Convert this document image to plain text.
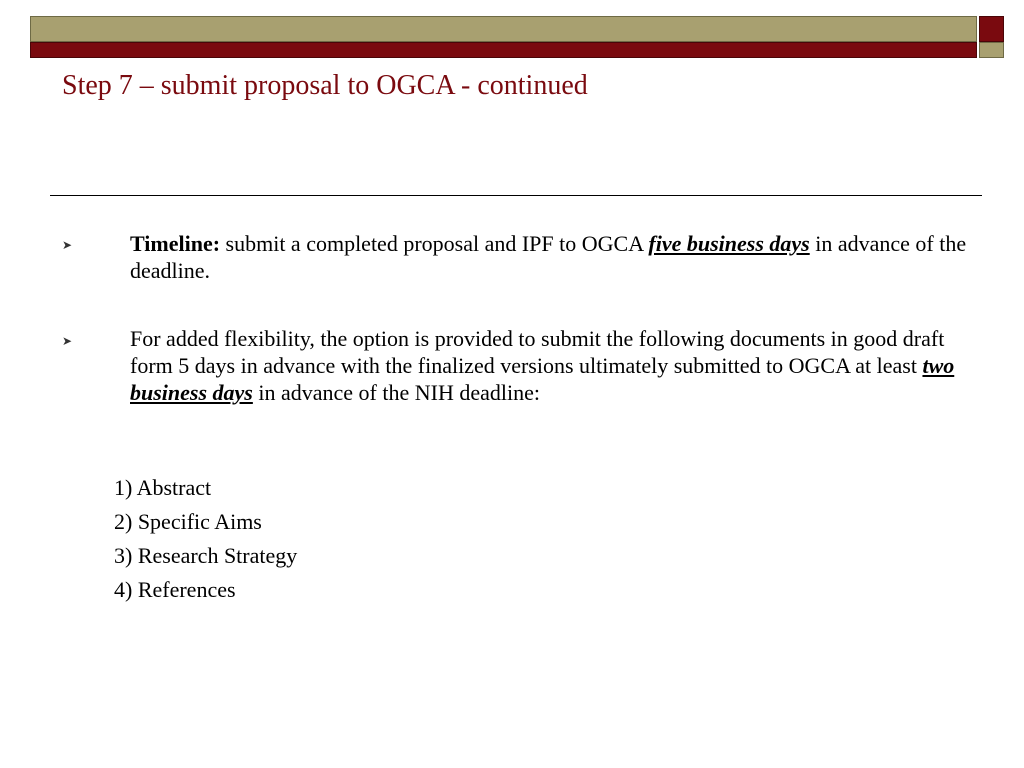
Step 7 – submit proposal to OGCA - continued
➤	Timeline: submit a completed proposal and IPF to OGCA five business days in advance of the deadline.
➤	For added flexibility, the option is provided to submit the following documents in good draft form 5 days in advance with the finalized versions ultimately submitted to OGCA at least two business days in advance of the NIH deadline:
1) Abstract
2) Specific Aims
3) Research Strategy
4) References
